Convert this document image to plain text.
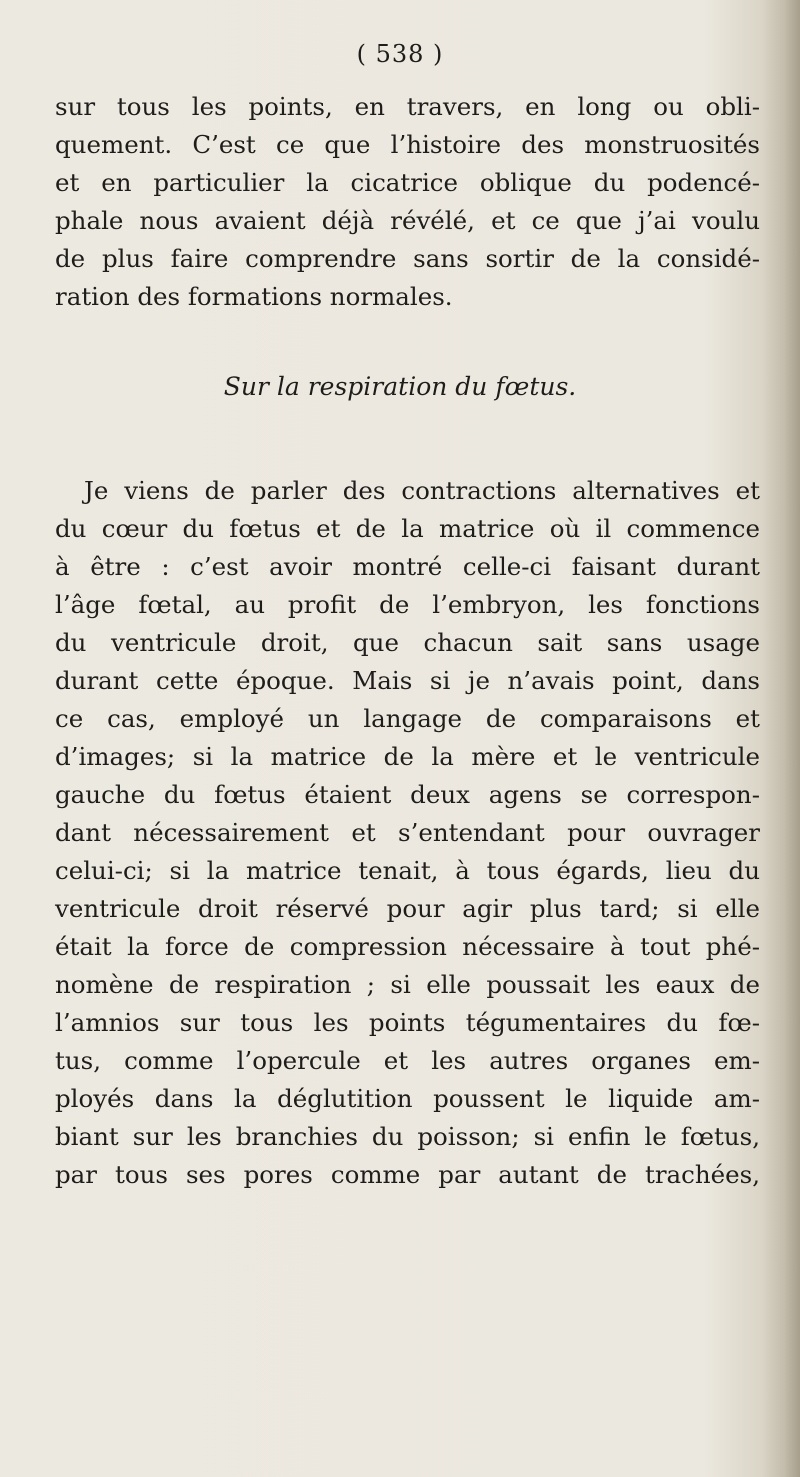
( 538 )
sur tous les points, en travers, en long ou obli-
quement. C’est ce que l’histoire des monstruosités
et en particulier la cicatrice oblique du podencé-
phale nous avaient déjà révélé, et ce que j’ai voulu
de plus faire comprendre sans sortir de la considé-
ration des formations normales.
Sur la respiration du fœtus.
Je viens de parler des contractions alternatives et
du cœur du fœtus et de la matrice où il commence
à être : c’est avoir montré celle-ci faisant durant
l’âge fœtal, au profit de l’embryon, les fonctions
du ventricule droit, que chacun sait sans usage
durant cette époque. Mais si je n’avais point, dans
ce cas, employé un langage de comparaisons et
d’images; si la matrice de la mère et le ventricule
gauche du fœtus étaient deux agens se correspon-
dant nécessairement et s’entendant pour ouvrager
celui-ci; si la matrice tenait, à tous égards, lieu du
ventricule droit réservé pour agir plus tard; si elle
était la force de compression nécessaire à tout phé-
nomène de respiration ; si elle poussait les eaux de
l’amnios sur tous les points tégumentaires du fœ-
tus, comme l’opercule et les autres organes em-
ployés dans la déglutition poussent le liquide am-
biant sur les branchies du poisson; si enfin le fœtus,
par tous ses pores comme par autant de trachées,
